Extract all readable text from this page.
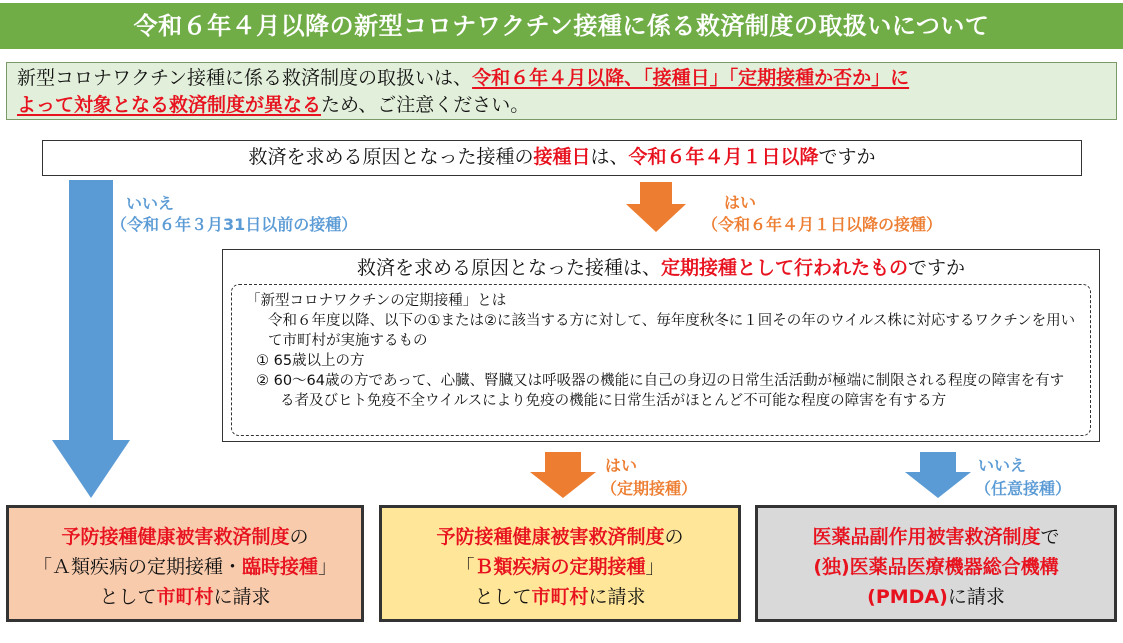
令和６年４月以降の新型コロナワクチン接種に係る救済制度の取扱いについて
新型コロナワクチン接種に係る救済制度の取扱いは、令和６年４月以降、「接種日」「定期接種か否か」に
よって対象となる救済制度が異なるため、ご注意ください。
救済を求める原因となった接種の接種日は、令和６年４月１日以降ですか
いいえ
（令和６年３月31日以前の接種）
はい
（令和６年４月１日以降の接種）
救済を求める原因となった接種は、定期接種として行われたものですか
「新型コロナワクチンの定期接種」とは
令和６年度以降、以下の①または②に該当する方に対して、毎年度秋冬に１回その年のウイルス株に対応するワクチンを用いて市町村が実施するもの
① 65歳以上の方
② 60～64歳の方であって、心臓、腎臓又は呼吸器の機能に自己の身辺の日常生活活動が極端に制限される程度の障害を有する者及びヒト免疫不全ウイルスにより免疫の機能に日常生活がほとんど不可能な程度の障害を有する方
はい
（定期接種）
いいえ
（任意接種）
予防接種健康被害救済制度の
「Ａ類疾病の定期接種・臨時接種」
として市町村に請求
予防接種健康被害救済制度の
「Ｂ類疾病の定期接種」
として市町村に請求
医薬品副作用被害救済制度で
(独)医薬品医療機器総合機構
(PMDA)に請求
